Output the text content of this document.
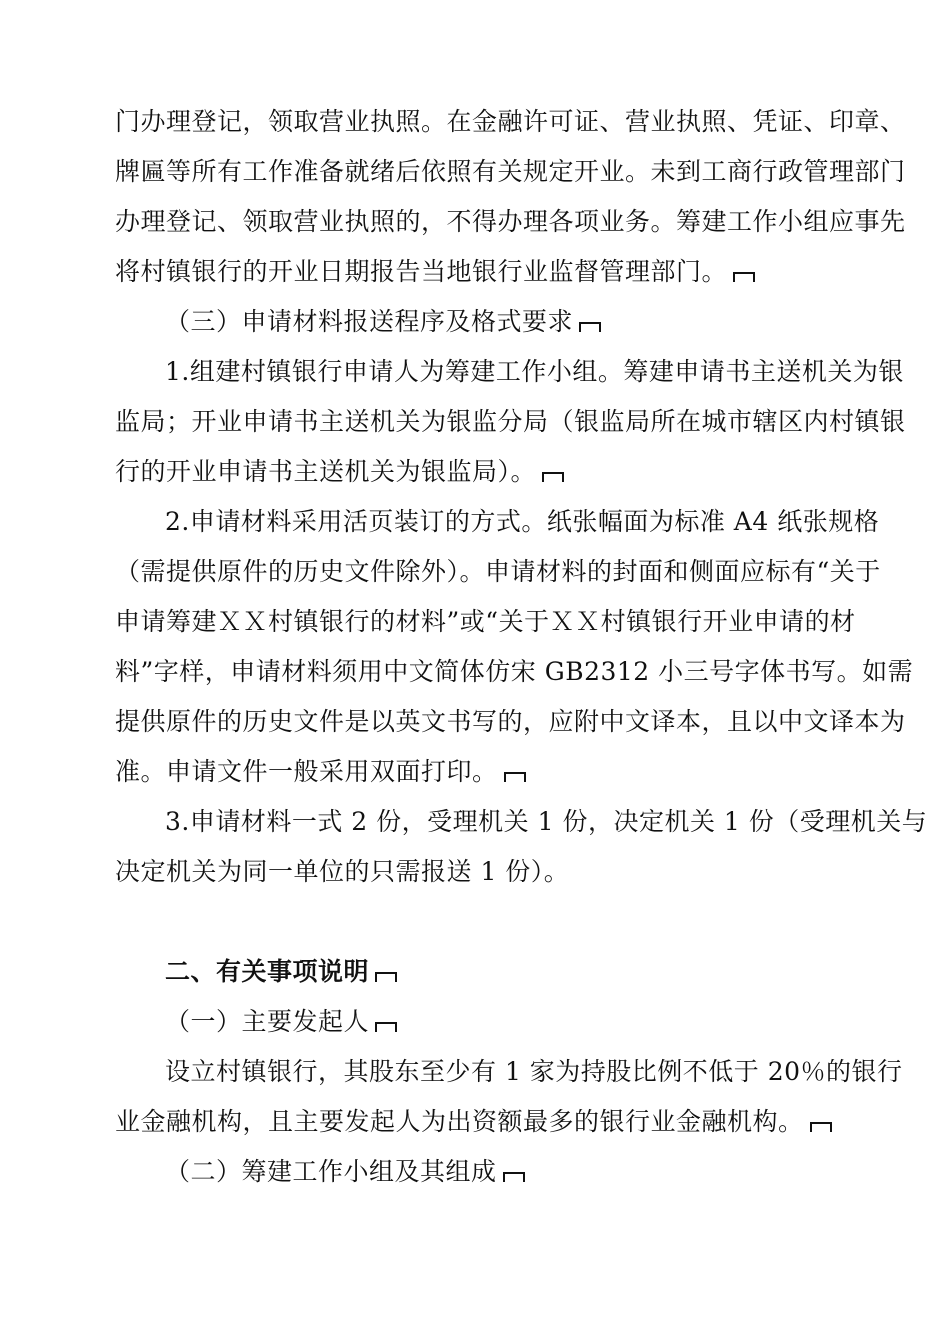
门办理登记，领取营业执照。在金融许可证、营业执照、凭证、印章、
牌匾等所有工作准备就绪后依照有关规定开业。未到工商行政管理部门
办理登记、领取营业执照的，不得办理各项业务。筹建工作小组应事先
将村镇银行的开业日期报告当地银行业监督管理部门。
（三）申请材料报送程序及格式要求
1.组建村镇银行申请人为筹建工作小组。筹建申请书主送机关为银
监局；开业申请书主送机关为银监分局（银监局所在城市辖区内村镇银
行的开业申请书主送机关为银监局）。
2.申请材料采用活页装订的方式。纸张幅面为标准 A4 纸张规格
（需提供原件的历史文件除外）。申请材料的封面和侧面应标有“关于
申请筹建ＸＸ村镇银行的材料”或“关于ＸＸ村镇银行开业申请的材
料”字样，申请材料须用中文简体仿宋 GB2312 小三号字体书写。如需
提供原件的历史文件是以英文书写的，应附中文译本，且以中文译本为
准。申请文件一般采用双面打印。
3.申请材料一式 2 份，受理机关 1 份，决定机关 1 份（受理机关与
决定机关为同一单位的只需报送 1 份）。
二、有关事项说明
（一）主要发起人
设立村镇银行，其股东至少有 1 家为持股比例不低于 20％的银行
业金融机构，且主要发起人为出资额最多的银行业金融机构。
（二）筹建工作小组及其组成
